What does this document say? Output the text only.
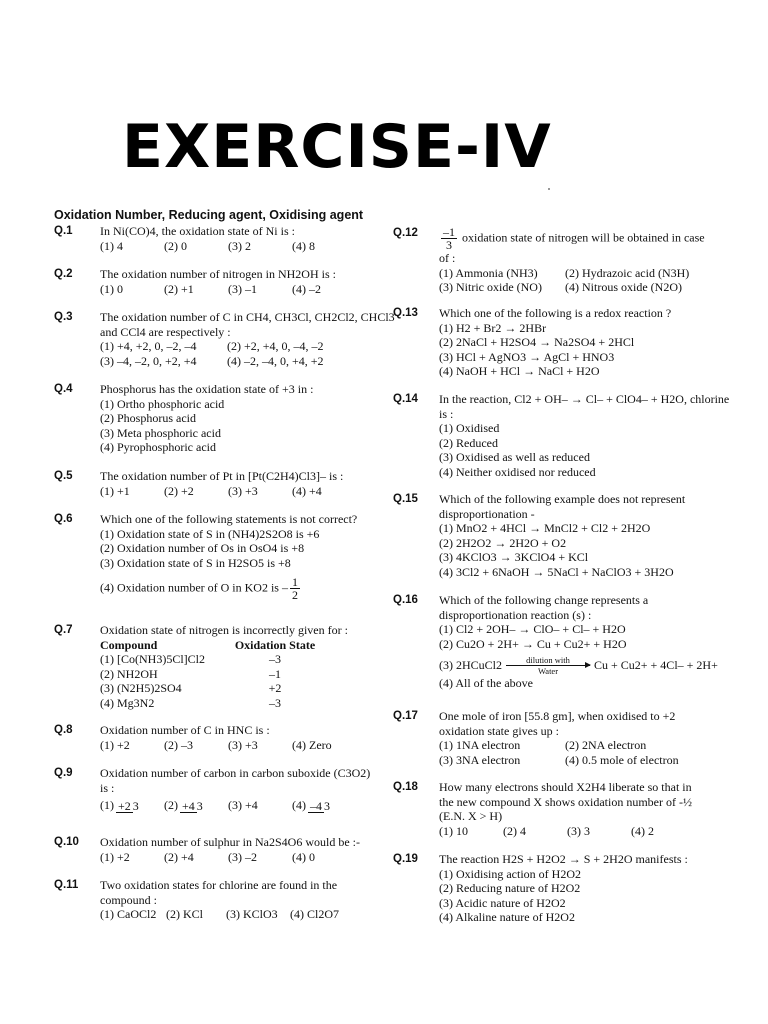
EXERCISE-IV
Oxidation Number, Reducing agent, Oxidising agent
Q.1 In Ni(CO)4, the oxidation state of Ni is :
(1) 4	(2) 0	(3) 2	(4) 8
Q.2 The oxidation number of nitrogen in NH2OH is :
(1) 0	(2) +1	(3) –1	(4) –2
Q.3 The oxidation number of C in CH4, CH3Cl, CH2Cl2, CHCl3
and CCl4 are respectively :
(1) +4, +2, 0, –2, –4	(2) +2, +4, 0, –4, –2
(3) –4, –2, 0, +2, +4	(4) –2, –4, 0, +4, +2
Q.4 Phosphorus has the oxidation state of +3 in :
(1) Ortho phosphoric acid
(2) Phosphorus acid
(3) Meta phosphoric acid
(4) Pyrophosphoric acid
Q.5 The oxidation number of Pt in [Pt(C2H4)Cl3]– is :
(1) +1	(2) +2	(3) +3	(4) +4
Q.6 Which one of the following statements is not correct?
(1) Oxidation state of S in (NH4)2S2O8 is +6
(2) Oxidation number of Os in OsO4 is +8
(3) Oxidation state of S in H2SO5 is +8
(4) Oxidation number of O in KO2 is – $\frac{1}{2}$
Q.7 Oxidation state of nitrogen is incorrectly given for :
Compound	Oxidation State
(1) [Co(NH3)5Cl]Cl2	–3
(2) NH2OH	–1
(3) (N2H5)2SO4	+2
(4) Mg3N2	–3
Q.8 Oxidation number of C in HNC is :
(1) +2	(2) –3	(3) +3	(4) Zero
Q.9 Oxidation number of carbon in carbon suboxide (C3O2)
is :
(1) +2 3	(2) +4 3	(3) +4	(4) –4 3
Q.10 Oxidation number of sulphur in Na2S4O6 would be :-
(1) +2	(2) +4	(3) –2	(4) 0
Q.11 Two oxidation states for chlorine are found in the
compound :
(1) CaOCl2 (2) KCl	(3) KClO3	(4) Cl2O7
$Q.12 \frac{-1}{3}$ oxidation state of nitrogen will be obtained in case
of :
(1) Ammonia (NH3)	(2) Hydrazoic acid (N3H)
(3) Nitric oxide (NO)	(4) Nitrous oxide (N2O)
Q.13 Which one of the following is a redox reaction ?
(1) H2 + Br2 → 2HBr
(2) 2NaCl + H2SO4 → Na2SO4 + 2HCl
(3) HCl + AgNO3 → AgCl + HNO3
(4) NaOH + HCl → NaCl + H2O
Q.14 In the reaction, Cl2 + OH– → Cl– + ClO4– + H2O, chlorine
is :
(1) Oxidised
(2) Reduced
(3) Oxidised as well as reduced
(4) Neither oxidised nor reduced
Q.15 Which of the following example does not represent
disproportionation -
(1) MnO2 + 4HCl → MnCl2 + Cl2 + 2H2O
(2) 2H2O2 → 2H2O + O2
(3) 4KClO3 → 3KClO4 + KCl
(4) 3Cl2 + 6NaOH → 5NaCl + NaClO3 + 3H2O
Q.16 Which of the following change represents a
disproportionation reaction (s) :
(1) Cl2 + 2OH– → ClO– + Cl– + H2O
(2) Cu2O + 2H+ → Cu + Cu2+ + H2O
(3) 2HCuCl2	dilution with
Water	Cu + Cu2+ + 4Cl– + 2H+
(4) All of the above
Q.17 One mole of iron [55.8 gm], when oxidised to +2
oxidation state gives up :
(1) 1NA electron	(2) 2NA electron
(3) 3NA electron	(4) 0.5 mole of electron
Q.18 How many electrons should X2H4 liberate so that in
the new compound X shows oxidation number of -½
(E.N. X > H)
(1) 10	(2) 4	(3) 3	(4) 2
Q.19 The reaction H2S + H2O2 → S + 2H2O manifests :
(1) Oxidising action of H2O2
(2) Reducing nature of H2O2
(3) Acidic nature of H2O2
(4) Alkaline nature of H2O2
